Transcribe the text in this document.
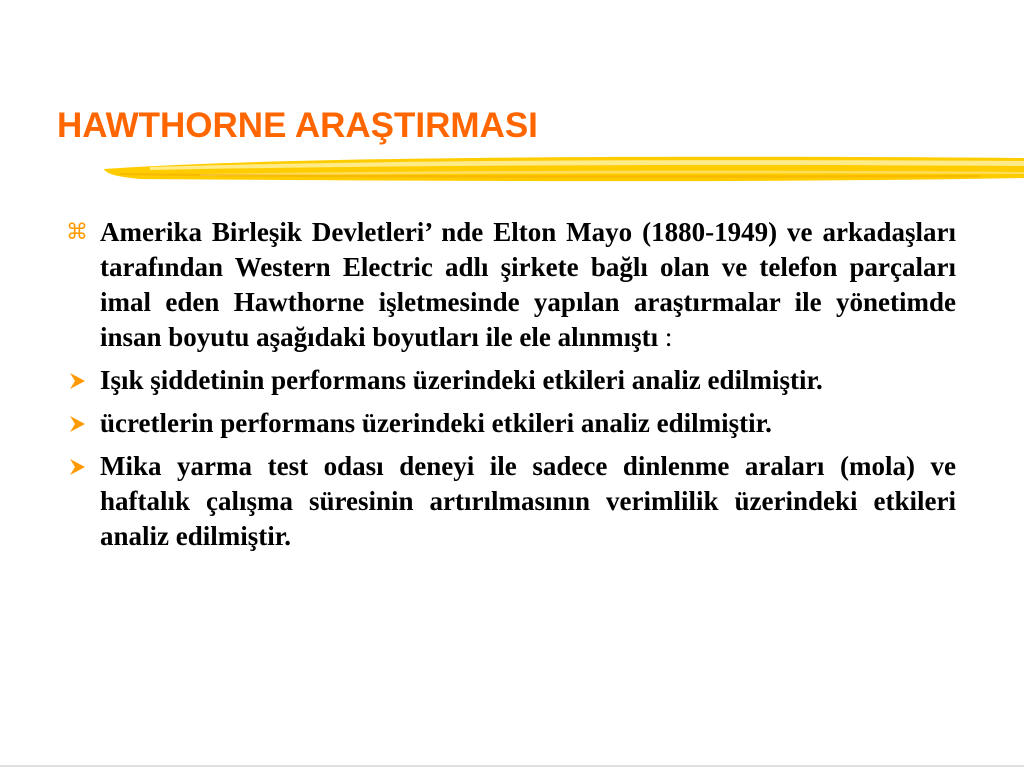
HAWTHORNE ARAŞTIRMASI

⌘ Amerika Birleşik Devletleri’ nde Elton Mayo (1880-1949) ve arkadaşları tarafından Western Electric adlı şirkete bağlı olan ve telefon parçaları imal eden Hawthorne işletmesinde yapılan araştırmalar ile yönetimde insan boyutu aşağıdaki boyutları ile ele alınmıştı :

Işık şiddetinin performans üzerindeki etkileri analiz edilmiştir.

ücretlerin performans üzerindeki etkileri analiz edilmiştir.

Mika yarma test odası deneyi ile sadece dinlenme araları (mola) ve haftalık çalışma süresinin artırılmasının verimlilik üzerindeki etkileri analiz edilmiştir.
